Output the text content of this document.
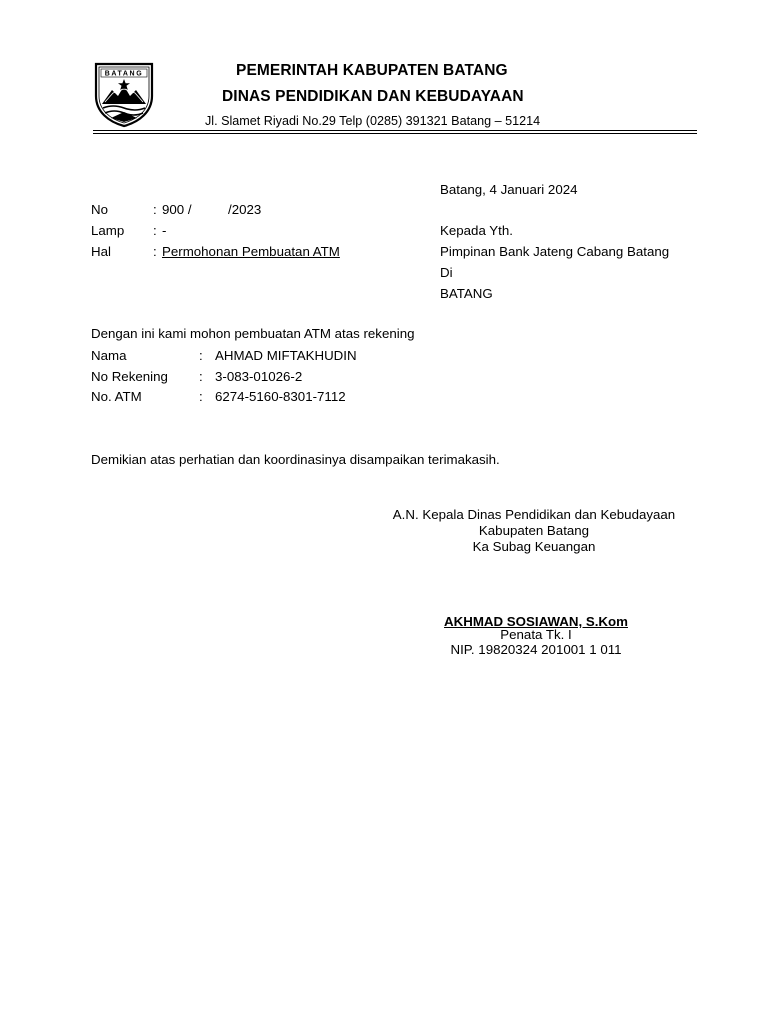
BATANG	PEMERINTAH KABUPATEN BATANG
DINAS PENDIDIKAN DAN KEBUDAYAAN
Jl. Slamet Riyadi No.29 Telp (0285) 391321 Batang – 51214
Batang, 4 Januari 2024
No	: 900 /	/2023
Lamp : -
Hal	: Permohonan Pembuatan ATM
Kepada Yth.
Pimpinan Bank Jateng Cabang Batang
Di
BATANG
Dengan ini kami mohon pembuatan ATM atas rekening
Nama	: AHMAD MIFTAKHUDIN
No Rekening : 3-083-01026-2
No. ATM	: 6274-5160-8301-7112
Demikian atas perhatian dan koordinasinya disampaikan terimakasih.
A.N. Kepala Dinas Pendidikan dan Kebudayaan
Kabupaten Batang
Ka Subag Keuangan
AKHMAD SOSIAWAN, S.Kom
Penata Tk. I
NIP. 19820324 201001 1 011
